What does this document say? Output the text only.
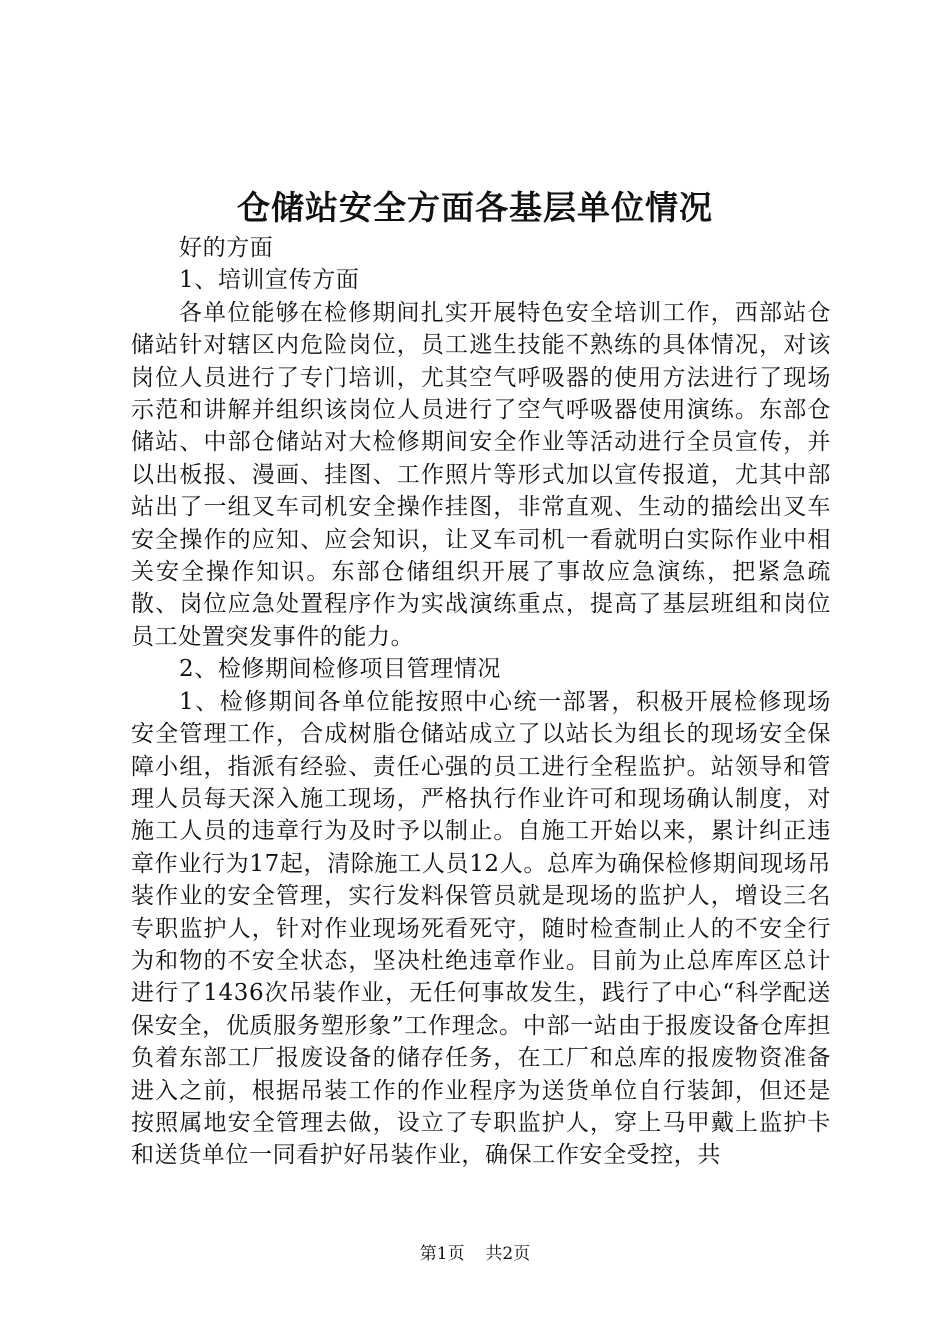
仓储站安全方面各基层单位情况

好的方面

1、培训宣传方面

各单位能够在检修期间扎实开展特色安全培训工作，西部站仓储站针对辖区内危险岗位，员工逃生技能不熟练的具体情况，对该岗位人员进行了专门培训，尤其空气呼吸器的使用方法进行了现场示范和讲解并组织该岗位人员进行了空气呼吸器使用演练。东部仓储站、中部仓储站对大检修期间安全作业等活动进行全员宣传，并以出板报、漫画、挂图、工作照片等形式加以宣传报道，尤其中部站出了一组叉车司机安全操作挂图，非常直观、生动的描绘出叉车安全操作的应知、应会知识，让叉车司机一看就明白实际作业中相关安全操作知识。东部仓储组织开展了事故应急演练，把紧急疏散、岗位应急处置程序作为实战演练重点，提高了基层班组和岗位员工处置突发事件的能力。

2、检修期间检修项目管理情况

1、检修期间各单位能按照中心统一部署，积极开展检修现场安全管理工作，合成树脂仓储站成立了以站长为组长的现场安全保障小组，指派有经验、责任心强的员工进行全程监护。站领导和管理人员每天深入施工现场，严格执行作业许可和现场确认制度，对施工人员的违章行为及时予以制止。自施工开始以来，累计纠正违章作业行为17起，清除施工人员12人。总库为确保检修期间现场吊装作业的安全管理，实行发料保管员就是现场的监护人，增设三名专职监护人，针对作业现场死看死守，随时检查制止人的不安全行为和物的不安全状态，坚决杜绝违章作业。目前为止总库库区总计进行了1436次吊装作业，无任何事故发生，践行了中心“科学配送保安全，优质服务塑形象”工作理念。中部一站由于报废设备仓库担负着东部工厂报废设备的储存任务，在工厂和总库的报废物资准备进入之前，根据吊装工作的作业程序为送货单位自行装卸，但还是按照属地安全管理去做，设立了专职监护人，穿上马甲戴上监护卡和送货单位一同看护好吊装作业，确保工作安全受控，共

第1页 共2页
